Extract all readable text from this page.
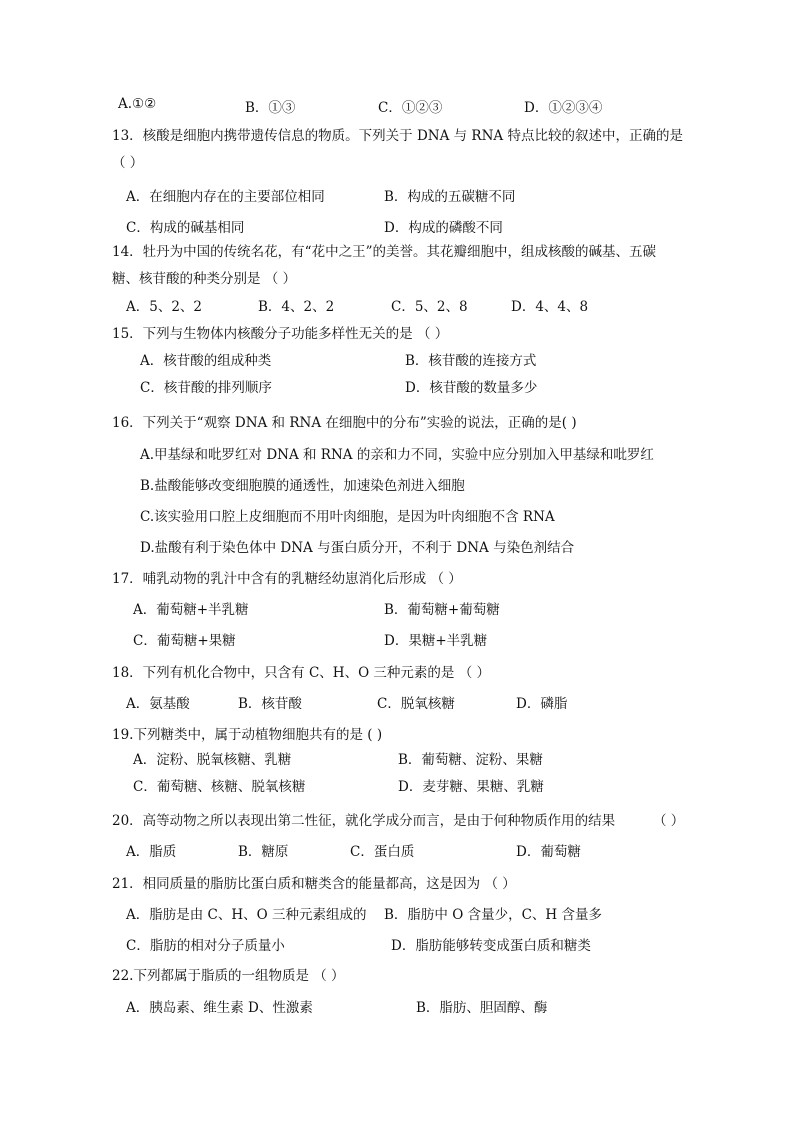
A.①②	B．①③	C．①②③	D．①②③④
13．核酸是细胞内携带遗传信息的物质。下列关于 DNA 与 RNA 特点比较的叙述中，正确的是
（ ）
A．在细胞内存在的主要部位相同	B．构成的五碳糖不同
C．构成的碱基相同	D．构成的磷酸不同
14．牡丹为中国的传统名花，有“花中之王”的美誉。其花瓣细胞中，组成核酸的碱基、五碳
糖、核苷酸的种类分别是 （ ）
A．5、2、2	B．4、2、2	C．5、2、8	D．4、4、8
15．下列与生物体内核酸分子功能多样性无关的是 （ ）
A．核苷酸的组成种类	B．核苷酸的连接方式
C．核苷酸的排列顺序	D．核苷酸的数量多少
16．下列关于“观察 DNA 和 RNA 在细胞中的分布”实验的说法，正确的是( )
A.甲基绿和吡罗红对 DNA 和 RNA 的亲和力不同，实验中应分别加入甲基绿和吡罗红
B.盐酸能够改变细胞膜的通透性，加速染色剂进入细胞
C.该实验用口腔上皮细胞而不用叶肉细胞，是因为叶肉细胞不含 RNA
D.盐酸有利于染色体中 DNA 与蛋白质分开，不利于 DNA 与染色剂结合
17．哺乳动物的乳汁中含有的乳糖经幼崽消化后形成 （ ）
A．葡萄糖+半乳糖	B．葡萄糖+葡萄糖
C．葡萄糖+果糖	D．果糖+半乳糖
18．下列有机化合物中，只含有 C、H、O 三种元素的是 （ ）
A．氨基酸	B．核苷酸	C．脱氧核糖	D．磷脂
19.下列糖类中，属于动植物细胞共有的是 ( )
A．淀粉、脱氧核糖、乳糖	B．葡萄糖、淀粉、果糖
C．葡萄糖、核糖、脱氧核糖	D．麦芽糖、果糖、乳糖
20．高等动物之所以表现出第二性征，就化学成分而言，是由于何种物质作用的结果	（ ）
A．脂质	B．糖原	C．蛋白质	D．葡萄糖
21．相同质量的脂肪比蛋白质和糖类含的能量都高，这是因为 （ ）
A．脂肪是由 C、H、O 三种元素组成的 B．脂肪中 O 含量少，C、H 含量多
C．脂肪的相对分子质量小	D．脂肪能够转变成蛋白质和糖类
22.下列都属于脂质的一组物质是 （ ）
A．胰岛素、维生素 D、性激素	B．脂肪、胆固醇、酶
